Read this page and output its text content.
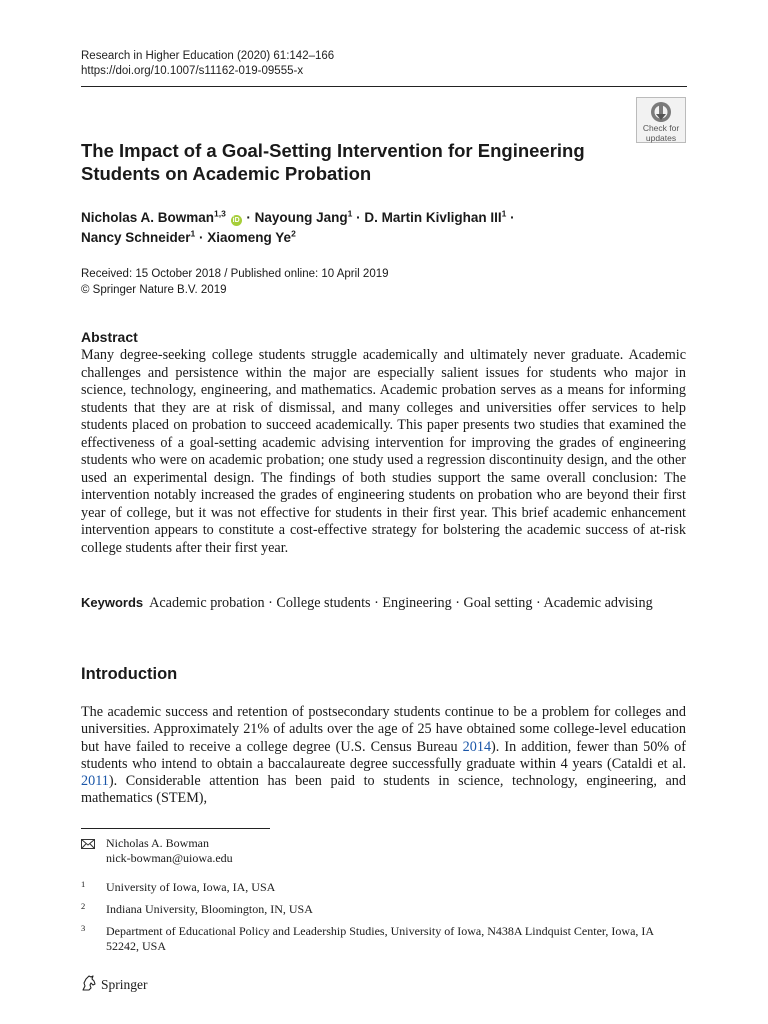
Research in Higher Education (2020) 61:142–166
https://doi.org/10.1007/s11162-019-09555-x
Check for
updates
The Impact of a Goal-Setting Intervention for Engineering
Students on Academic Probation
Nicholas A. Bowman$^{1,3}$ iD · Nayoung Jang$^1$ · D. Martin Kivlighan $III^1$ ·
Nancy Schneider$^1$ · Xiaomeng Ye$^2$
Received: 15 October 2018 / Published online: 10 April 2019
© Springer Nature B.V. 2019
Abstract
Many degree-seeking college students struggle academically and ultimately never graduate. Academic challenges and persistence within the major are especially salient issues for students who major in science, technology, engineering, and mathematics. Academic probation serves as a means for informing students that they are at risk of dismissal, and many colleges and universities offer services to help students placed on probation to succeed academically. This paper presents two studies that examined the effectiveness of a goal-setting academic advising intervention for improving the grades of engineering students who were on academic probation; one study used a regression discontinuity design, and the other used an experimental design. The findings of both studies support the same overall conclusion: The intervention notably increased the grades of engineering students on probation who are beyond their first year of college, but it was not effective for students in their first year. This brief academic enhancement intervention appears to constitute a cost-effective strategy for bolstering the academic success of at-risk college students after their first year.
Keywords Academic probation · College students · Engineering · Goal setting · Academic advising
Introduction
The academic success and retention of postsecondary students continue to be a problem for colleges and universities. Approximately 21% of adults over the age of 25 have obtained some college-level education but have failed to receive a college degree (U.S. Census Bureau 2014). In addition, fewer than 50% of students who intend to obtain a baccalaureate degree successfully graduate within 4 years (Cataldi et al. 2011). Considerable attention has been paid to students in science, technology, engineering, and mathematics (STEM),
Nicholas A. Bowman
nick-bowman@uiowa.edu
1 University of Iowa, Iowa, IA, USA
2 Indiana University, Bloomington, IN, USA
3 Department of Educational Policy and Leadership Studies, University of Iowa, N438A Lindquist Center, Iowa, IA 52242, USA
Springer
